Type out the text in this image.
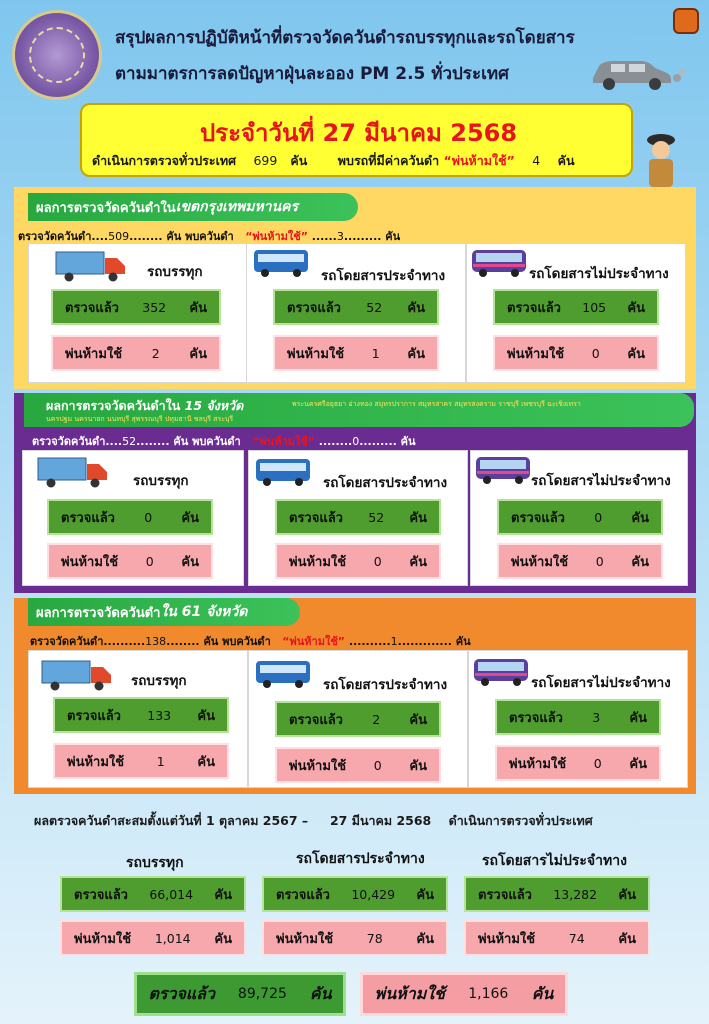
สรุปผลการปฏิบัติหน้าที่ตรวจวัดควันดำรถบรรทุกและรถโดยสาร
ตามมาตรการลดปัญหาฝุ่นละออง PM 2.5 ทั่วประเทศ
ประจำวันที่ 27 มีนาคม 2568
ดำเนินการตรวจทั่วประเทศ 699 คัน พบรถที่มีค่าควันดำ “พ่นห้ามใช้” 4 คัน
ผลการตรวจวัดควันดำใน เขตกรุงเทพมหานคร
ตรวจวัดควันดำ....509........ คัน พบควันดำ “พ่นห้ามใช้” ......3......... คัน
รถบรรทุก
ตรวจแล้ว 352 คัน
พ่นห้ามใช้ 2 คัน
รถโดยสารประจำทาง
ตรวจแล้ว 52 คัน
พ่นห้ามใช้ 1 คัน
รถโดยสารไม่ประจำทาง
ตรวจแล้ว 105 คัน
พ่นห้ามใช้ 0 คัน
ผลการตรวจวัดควันดำใน 15 จังหวัด	พระนครศรีอยุธยา อ่างทอง สมุทรปราการ สมุทรสาคร สมุทรสงคราม ราชบุรี เพชรบุรี ฉะเชิงเทรา
นครปฐม นครนายก นนทบุรี สุพรรณบุรี ปทุมธานี ชลบุรี สระบุรี
ตรวจวัดควันดำ....52........ คัน พบควันดำ “พ่นห้ามใช้” ........0......... คัน
รถบรรทุก
ตรวจแล้ว 0 คัน
พ่นห้ามใช้ 0 คัน
รถโดยสารประจำทาง
ตรวจแล้ว 52 คัน
พ่นห้ามใช้ 0 คัน
รถโดยสารไม่ประจำทาง
ตรวจแล้ว 0 คัน
พ่นห้ามใช้ 0 คัน
ผลการตรวจวัดควันดำ ใน 61 จังหวัด
ตรวจวัดควันดำ..........138........ คัน พบควันดำ “พ่นห้ามใช้” ..........1............. คัน
รถบรรทุก
ตรวจแล้ว 133 คัน
พ่นห้ามใช้	1	คัน
รถโดยสารประจำทาง
ตรวจแล้ว 2 คัน
พ่นห้ามใช้ 0 คัน
รถโดยสารไม่ประจำทาง
ตรวจแล้ว 3 คัน
พ่นห้ามใช้ 0 คัน
ผลตรวจควันดำสะสมตั้งแต่วันที่ 1 ตุลาคม 2567 – 27 มีนาคม 2568 ดำเนินการตรวจทั่วประเทศ
รถบรรทุก	รถโดยสารประจำทาง	รถโดยสารไม่ประจำทาง
ตรวจแล้ว 66,014 คัน
พ่นห้ามใช้ 1,014 คัน
ตรวจแล้ว 10,429 คัน
พ่นห้ามใช้	78	คัน
ตรวจแล้ว 13,282 คัน
พ่นห้ามใช้	74	คัน
ตรวจแล้ว 89,725 คัน	พ่นห้ามใช้ 1,166 คัน
